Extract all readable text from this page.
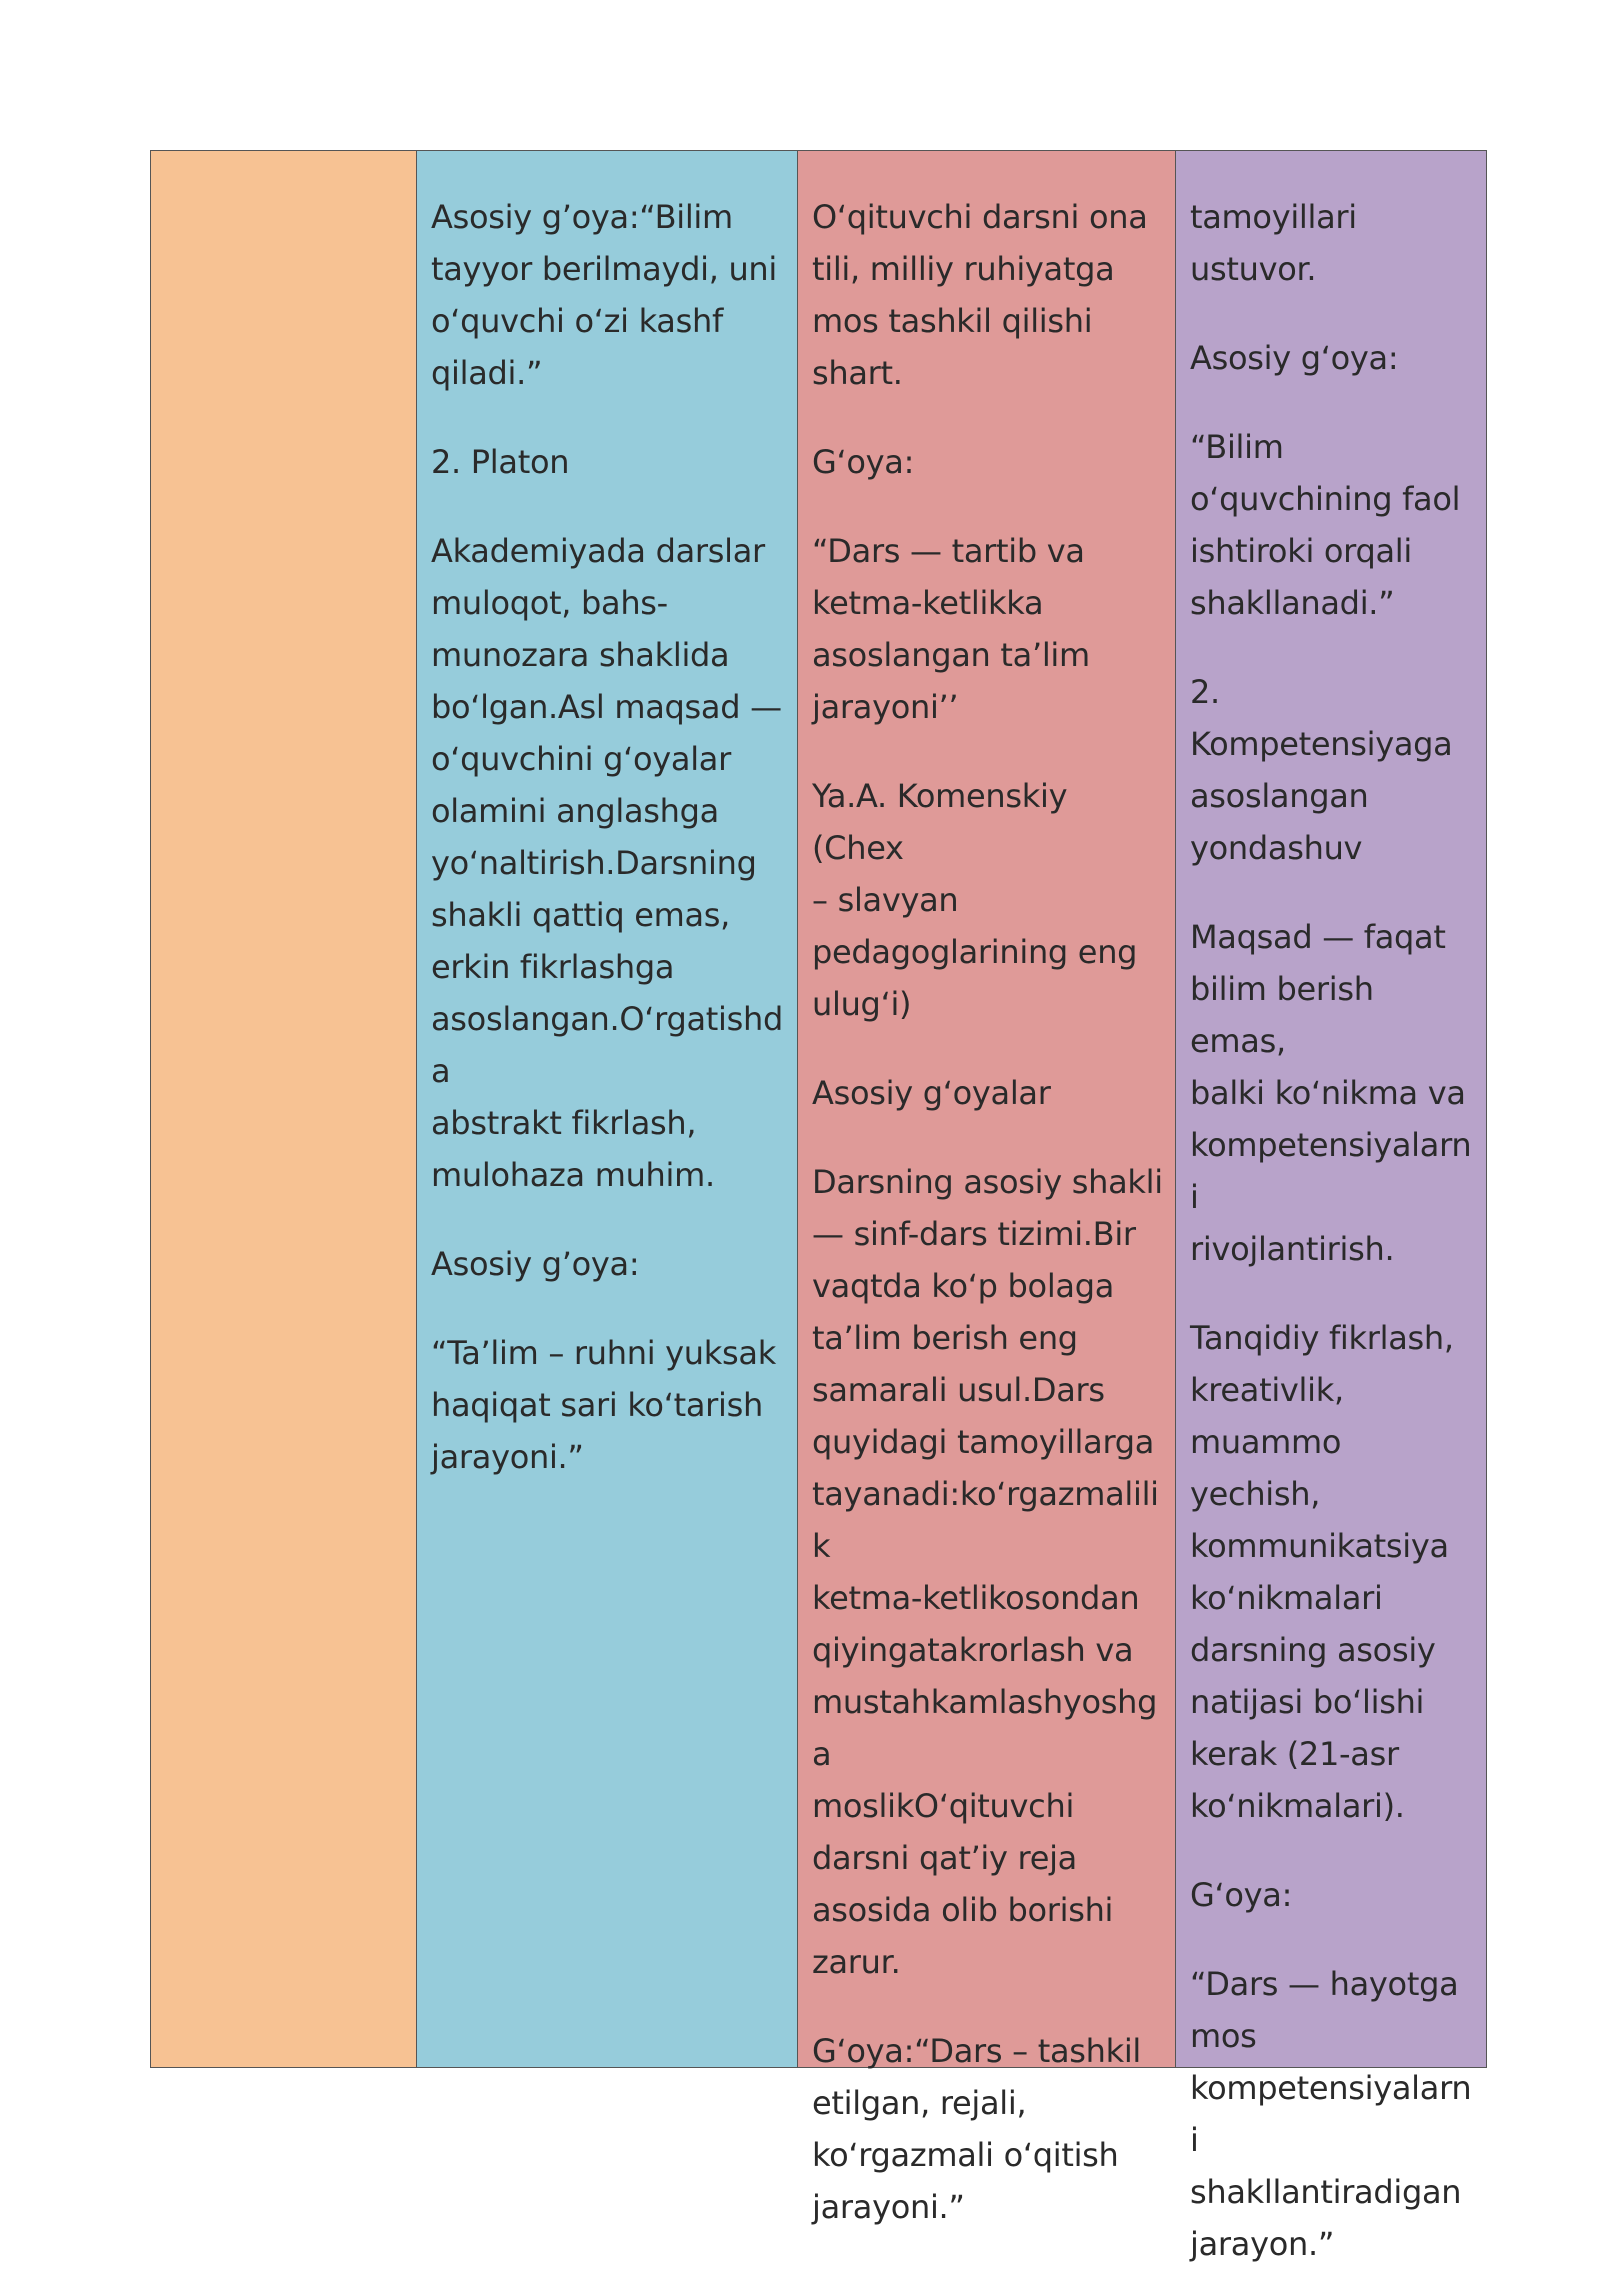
Asosiy g’oya:“Bilim
tayyor berilmaydi, uni
o‘quvchi o‘zi kashf
qiladi.”

2. Platon

Akademiyada darslar
muloqot, bahs-
munozara shaklida
bo‘lgan.Asl maqsad —
o‘quvchini g‘oyalar
olamini anglashga
yo‘naltirish.Darsning
shakli qattiq emas,
erkin fikrlashga
asoslangan.O‘rgatishda
abstrakt fikrlash,
mulohaza muhim.

Asosiy g’oya:

“Ta’lim – ruhni yuksak
haqiqat sari ko‘tarish
jarayoni.”

O‘qituvchi darsni ona
tili, milliy ruhiyatga
mos tashkil qilishi
shart.

G‘oya:

“Dars — tartib va
ketma-ketlikka
asoslangan ta’lim
jarayoni’’

Ya.A. Komenskiy (Chex
– slavyan
pedagoglarining eng
ulug‘i)

Asosiy g‘oyalar

Darsning asosiy shakli
— sinf-dars tizimi.Bir
vaqtda ko‘p bolaga
ta’lim berish eng
samarali usul.Dars
quyidagi tamoyillarga
tayanadi:ko‘rgazmalilik
ketma-ketlikosondan
qiyingatakrorlash va
mustahkamlashyoshga
moslikO‘qituvchi
darsni qat’iy reja
asosida olib borishi
zarur.

G‘oya:“Dars – tashkil
etilgan, rejali,
ko‘rgazmali o‘qitish
jarayoni.”

tamoyillari
ustuvor.

Asosiy g‘oya:

“Bilim
o‘quvchining faol
ishtiroki orqali
shakllanadi.”

2.
Kompetensiyaga
asoslangan
yondashuv

Maqsad — faqat
bilim berish emas,
balki ko‘nikma va
kompetensiyalarni
rivojlantirish.

Tanqidiy fikrlash,
kreativlik,
muammo yechish,
kommunikatsiya
ko‘nikmalari
darsning asosiy
natijasi bo‘lishi
kerak (21-asr
ko‘nikmalari).

G‘oya:

“Dars — hayotga
mos
kompetensiyalarni
shakllantiradigan
jarayon.”
